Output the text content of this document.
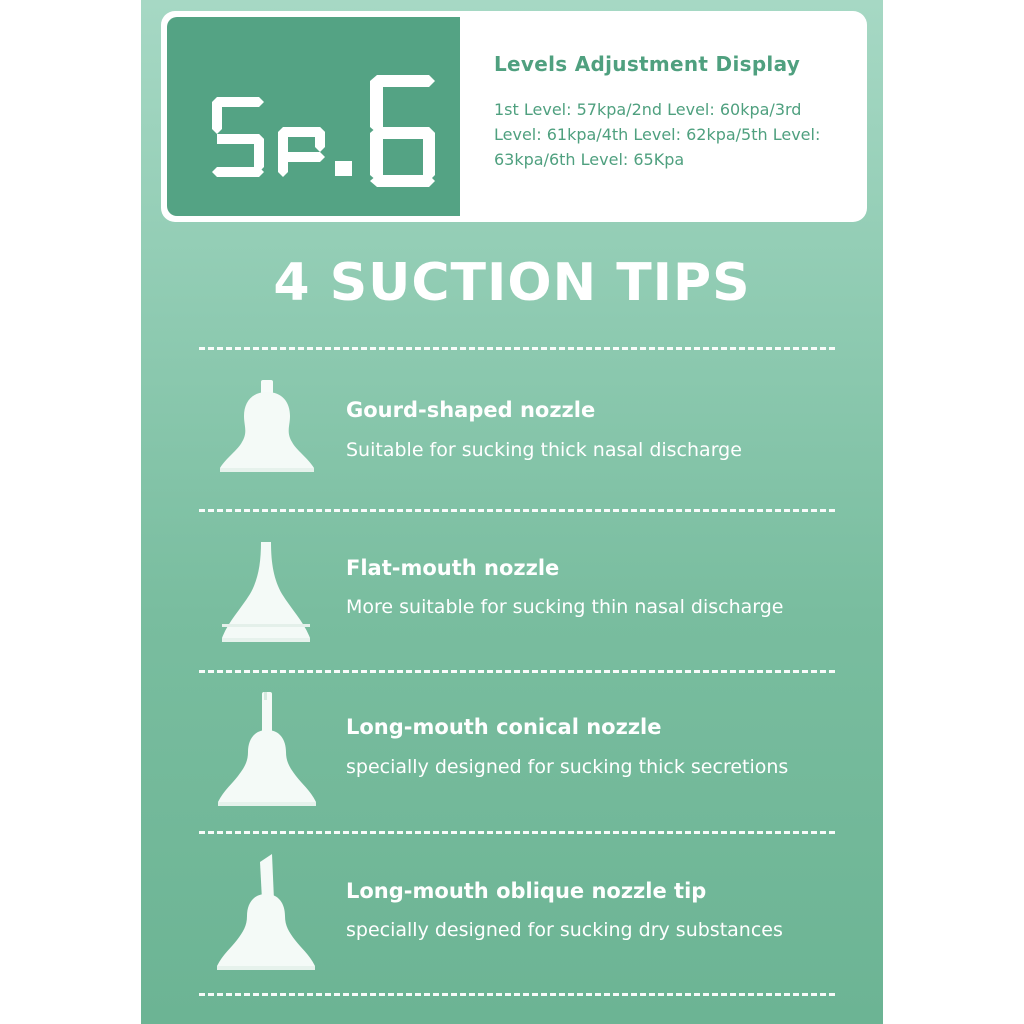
Levels Adjustment Display

1st Level: 57kpa/2nd Level: 60kpa/3rd Level: 61kpa/4th Level: 62kpa/5th Level: 63kpa/6th Level: 65Kpa

4 SUCTION TIPS

Gourd-shaped nozzle

Suitable for sucking thick nasal discharge

Flat-mouth nozzle

More suitable for sucking thin nasal discharge

Long-mouth conical nozzle

specially designed for sucking thick secretions

Long-mouth oblique nozzle tip

specially designed for sucking dry substances
